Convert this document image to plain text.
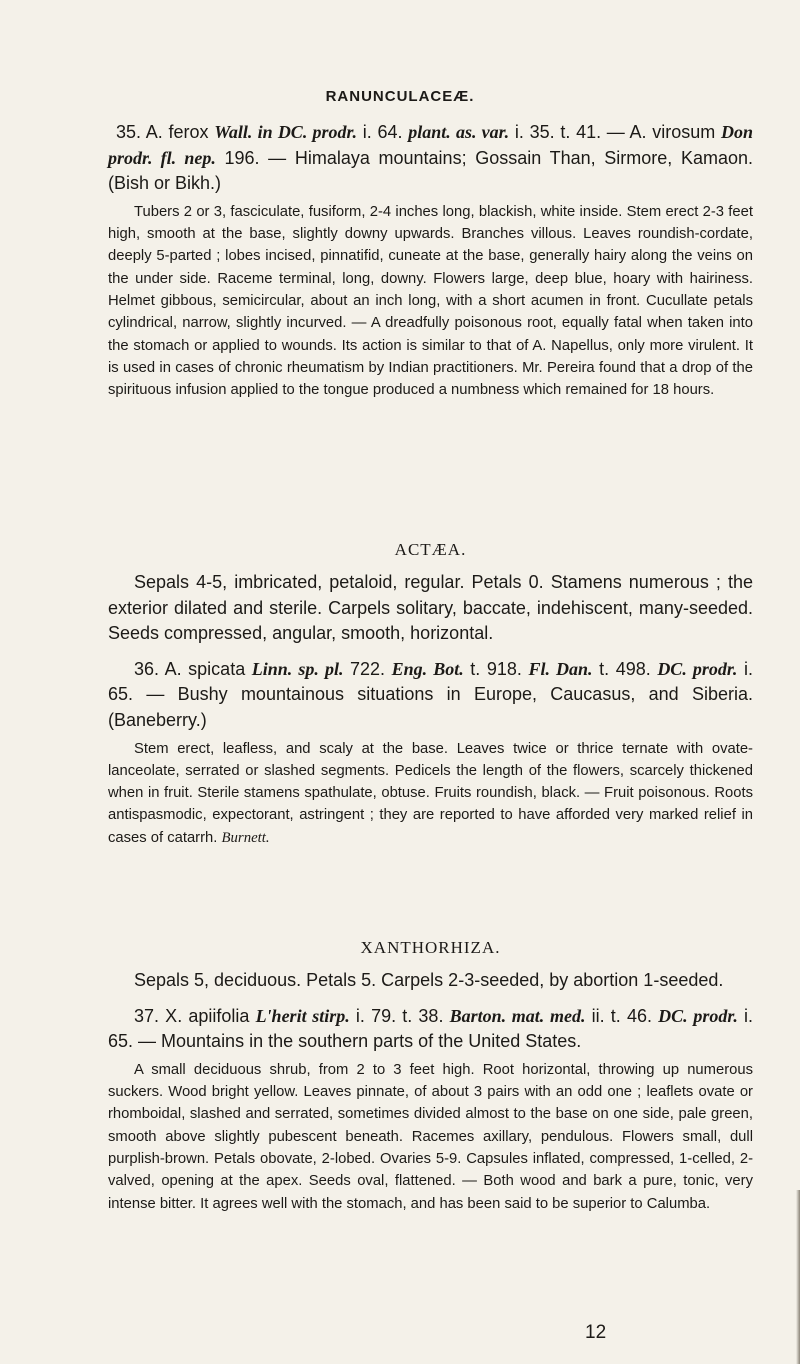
RANUNCULACEÆ.

35. A. ferox Wall. in DC. prodr. i. 64. plant. as. var. i. 35. t. 41. — A. virosum Don prodr. fl. nep. 196. — Himalaya mountains; Gossain Than, Sirmore, Kamaon. (Bish or Bikh.)

Tubers 2 or 3, fasciculate, fusiform, 2-4 inches long, blackish, white inside. Stem erect 2-3 feet high, smooth at the base, slightly downy upwards. Branches villous. Leaves roundish-cordate, deeply 5-parted ; lobes incised, pinnatifid, cuneate at the base, generally hairy along the veins on the under side. Raceme terminal, long, downy. Flowers large, deep blue, hoary with hairiness. Helmet gibbous, semicircular, about an inch long, with a short acumen in front. Cucullate petals cylindrical, narrow, slightly incurved. — A dreadfully poisonous root, equally fatal when taken into the stomach or applied to wounds. Its action is similar to that of A. Napellus, only more virulent. It is used in cases of chronic rheumatism by Indian practitioners. Mr. Pereira found that a drop of the spirituous infusion applied to the tongue produced a numbness which remained for 18 hours.

ACTÆA.

Sepals 4-5, imbricated, petaloid, regular. Petals 0. Stamens numerous ; the exterior dilated and sterile. Carpels solitary, baccate, indehiscent, many-seeded. Seeds compressed, angular, smooth, horizontal.

36. A. spicata Linn. sp. pl. 722. Eng. Bot. t. 918. Fl. Dan. t. 498. DC. prodr. i. 65. — Bushy mountainous situations in Europe, Caucasus, and Siberia. (Baneberry.)

Stem erect, leafless, and scaly at the base. Leaves twice or thrice ternate with ovate-lanceolate, serrated or slashed segments. Pedicels the length of the flowers, scarcely thickened when in fruit. Sterile stamens spathulate, obtuse. Fruits roundish, black. — Fruit poisonous. Roots antispasmodic, expectorant, astringent ; they are reported to have afforded very marked relief in cases of catarrh. Burnett.

XANTHORHIZA.

Sepals 5, deciduous. Petals 5. Carpels 2-3-seeded, by abortion 1-seeded.

37. X. apiifolia L'herit stirp. i. 79. t. 38. Barton. mat. med. ii. t. 46. DC. prodr. i. 65. — Mountains in the southern parts of the United States.

A small deciduous shrub, from 2 to 3 feet high. Root horizontal, throwing up numerous suckers. Wood bright yellow. Leaves pinnate, of about 3 pairs with an odd one ; leaflets ovate or rhomboidal, slashed and serrated, sometimes divided almost to the base on one side, pale green, smooth above slightly pubescent beneath. Racemes axillary, pendulous. Flowers small, dull purplish-brown. Petals obovate, 2-lobed. Ovaries 5-9. Capsules inflated, compressed, 1-celled, 2-valved, opening at the apex. Seeds oval, flattened. — Both wood and bark a pure, tonic, very intense bitter. It agrees well with the stomach, and has been said to be superior to Calumba.

12
